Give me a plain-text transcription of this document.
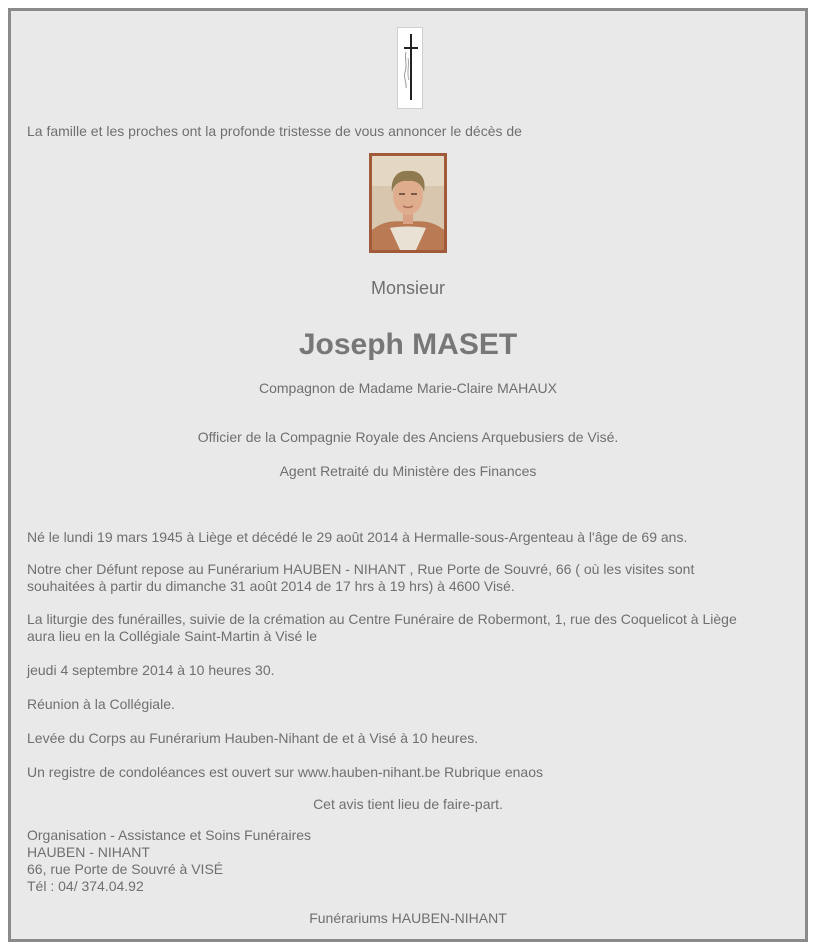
La famille et les proches ont la profonde tristesse de vous annoncer le décès de
Monsieur
Joseph MASET
Compagnon de Madame Marie-Claire MAHAUX
Officier de la Compagnie Royale des Anciens Arquebusiers de Visé.
Agent Retraité du Ministère des Finances
Né le lundi 19 mars 1945 à Liège et décédé le 29 août 2014 à Hermalle-sous-Argenteau à l'âge de 69 ans.
Notre cher Défunt repose au Funérarium HAUBEN - NIHANT , Rue Porte de Souvré, 66 ( où les visites sont
souhaitées à partir du dimanche 31 août 2014 de 17 hrs à 19 hrs) à 4600 Visé.
La liturgie des funérailles, suivie de la crémation au Centre Funéraire de Robermont, 1, rue des Coquelicot à Liège
aura lieu en la Collégiale Saint-Martin à Visé le
jeudi 4 septembre 2014 à 10 heures 30.
Réunion à la Collégiale.
Levée du Corps au Funérarium Hauben-Nihant de et à Visé à 10 heures.
Un registre de condoléances est ouvert sur www.hauben-nihant.be Rubrique enaos
Cet avis tient lieu de faire-part.
Organisation - Assistance et Soins Funéraires
HAUBEN - NIHANT
66, rue Porte de Souvré à VISÉ
Tél : 04/ 374.04.92
Funérariums HAUBEN-NIHANT
